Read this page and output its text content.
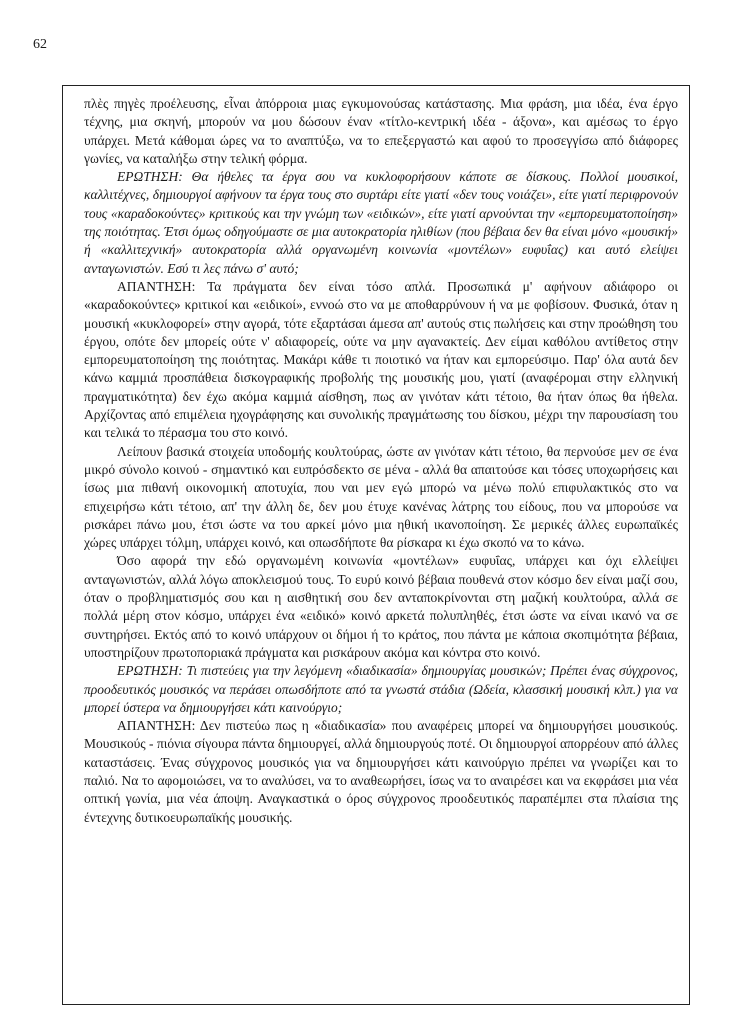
62

πλὲς πηγὲς προέλευσης, εἶναι ἀπόρροια μιας εγκυμονούσας κατάστασης. Μια φράση, μια ιδέα, ένα έργο τέχνης, μια σκηνή, μπορούν να μου δώσουν έναν «τίτλο-κεντρική ιδέα - άξονα», και αμέσως το έργο υπάρχει. Μετά κάθομαι ώρες να το αναπτύξω, να το επεξεργαστώ και αφού το προσεγγίσω από διάφορες γωνίες, να καταλήξω στην τελική φόρμα.

ΕΡΩΤΗΣΗ: Θα ήθελες τα έργα σου να κυκλοφορήσουν κάποτε σε δίσκους. Πολλοί μουσικοί, καλλιτέχνες, δημιουργοί αφήνουν τα έργα τους στο συρτάρι είτε γιατί «δεν τους νοιάζει», είτε γιατί περιφρονούν τους «καραδοκούντες» κριτικούς και την γνώμη των «ειδικών», είτε γιατί αρνούνται την «εμπορευματοποίηση» της ποιότητας. Έτσι όμως οδηγούμαστε σε μια αυτοκρατορία ηλιθίων (που βέβαια δεν θα είναι μόνο «μουσική» ή «καλλιτεχνική» αυτοκρατορία αλλά οργανωμένη κοινωνία «μοντέλων» ευφυΐας) και αυτό ελείψει ανταγωνιστών. Εσύ τι λες πάνω σ' αυτό;

ΑΠΑΝΤΗΣΗ: Τα πράγματα δεν είναι τόσο απλά. Προσωπικά μ' αφήνουν αδιάφορο οι «καραδοκούντες» κριτικοί και «ειδικοί», εννοώ στο να με αποθαρρύνουν ή να με φοβίσουν. Φυσικά, όταν η μουσική «κυκλοφορεί» στην αγορά, τότε εξαρτάσαι άμεσα απ' αυτούς στις πωλήσεις και στην προώθηση του έργου, οπότε δεν μπορείς ούτε ν' αδιαφορείς, ούτε να μην αγανακτείς. Δεν είμαι καθόλου αντίθετος στην εμπορευματοποίηση της ποιότητας. Μακάρι κάθε τι ποιοτικό να ήταν και εμπορεύσιμο. Παρ' όλα αυτά δεν κάνω καμμιά προσπάθεια δισκογραφικής προβολής της μουσικής μου, γιατί (αναφέρομαι στην ελληνική πραγματικότητα) δεν έχω ακόμα καμμιά αίσθηση, πως αν γινόταν κάτι τέτοιο, θα ήταν όπως θα ήθελα. Αρχίζοντας από επιμέλεια ηχογράφησης και συνολικής πραγμάτωσης του δίσκου, μέχρι την παρουσίαση του και τελικά το πέρασμα του στο κοινό.

Λείπουν βασικά στοιχεία υποδομής κουλτούρας, ώστε αν γινόταν κάτι τέτοιο, θα περνούσε μεν σε ένα μικρό σύνολο κοινού - σημαντικό και ευπρόσδεκτο σε μένα - αλλά θα απαιτούσε και τόσες υποχωρήσεις και ίσως μια πιθανή οικονομική αποτυχία, που ναι μεν εγώ μπορώ να μένω πολύ επιφυλακτικός στο να επιχειρήσω κάτι τέτοιο, απ' την άλλη δε, δεν μου έτυχε κανένας λάτρης του είδους, που να μπορούσε να ρισκάρει πάνω μου, έτσι ώστε να του αρκεί μόνο μια ηθική ικανοποίηση. Σε μερικές άλλες ευρωπαϊκές χώρες υπάρχει τόλμη, υπάρχει κοινό, και οπωσδήποτε θα ρίσκαρα κι έχω σκοπό να το κάνω.

Όσο αφορά την εδώ οργανωμένη κοινωνία «μοντέλων» ευφυΐας, υπάρχει και όχι ελλείψει ανταγωνιστών, αλλά λόγω αποκλεισμού τους. Το ευρύ κοινό βέβαια πουθενά στον κόσμο δεν είναι μαζί σου, όταν ο προβληματισμός σου και η αισθητική σου δεν ανταποκρίνονται στη μαζική κουλτούρα, αλλά σε πολλά μέρη στον κόσμο, υπάρχει ένα «ειδικό» κοινό αρκετά πολυπληθές, έτσι ώστε να είναι ικανό να σε συντηρήσει. Εκτός από το κοινό υπάρχουν οι δήμοι ή το κράτος, που πάντα με κάποια σκοπιμότητα βέβαια, υποστηρίζουν πρωτοποριακά πράγματα και ρισκάρουν ακόμα και κόντρα στο κοινό.

ΕΡΩΤΗΣΗ: Τι πιστεύεις για την λεγόμενη «διαδικασία» δημιουργίας μουσικών; Πρέπει ένας σύγχρονος, προοδευτικός μουσικός να περάσει οπωσδήποτε από τα γνωστά στάδια (Ωδεία, κλασσική μουσική κλπ.) για να μπορεί ύστερα να δημιουργήσει κάτι καινούργιο;

ΑΠΑΝΤΗΣΗ: Δεν πιστεύω πως η «διαδικασία» που αναφέρεις μπορεί να δημιουργήσει μουσικούς. Μουσικούς - πιόνια σίγουρα πάντα δημιουργεί, αλλά δημιουργούς ποτέ. Οι δημιουργοί απορρέουν από άλλες καταστάσεις. Ένας σύγχρονος μουσικός για να δημιουργήσει κάτι καινούργιο πρέπει να γνωρίζει και το παλιό. Να το αφομοιώσει, να το αναλύσει, να το αναθεωρήσει, ίσως να το αναιρέσει και να εκφράσει μια νέα οπτική γωνία, μια νέα άποψη. Αναγκαστικά ο όρος σύγχρονος προοδευτικός παραπέμπει στα πλαίσια της έντεχνης δυτικοευρωπαϊκής μουσικής.
